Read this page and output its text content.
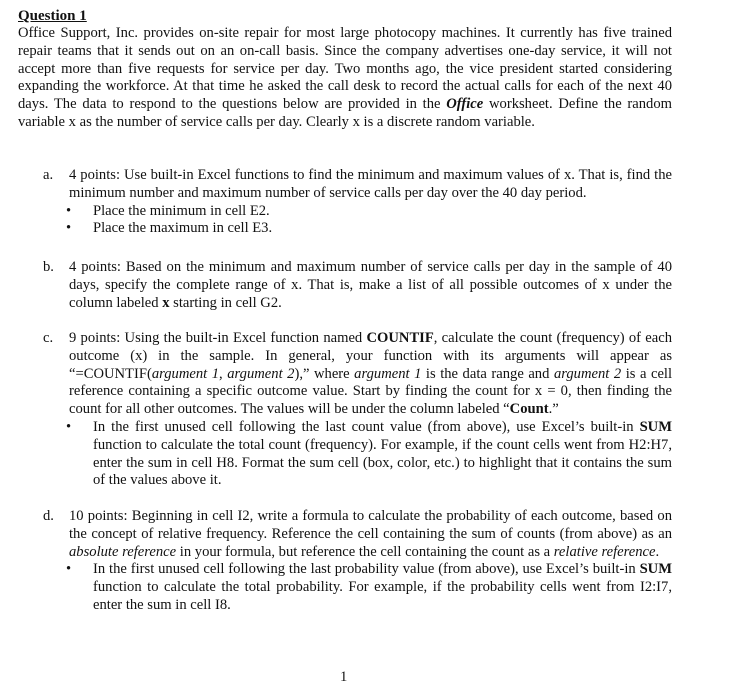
Question 1
Office Support, Inc. provides on-site repair for most large photocopy machines. It currently has five trained repair teams that it sends out on an on-call basis. Since the company advertises one-day service, it will not accept more than five requests for service per day. Two months ago, the vice president started considering expanding the workforce. At that time he asked the call desk to record the actual calls for each of the next 40 days. The data to respond to the questions below are provided in the Office worksheet. Define the random variable x as the number of service calls per day. Clearly x is a discrete random variable.
a.	4 points: Use built-in Excel functions to find the minimum and maximum values of x. That is, find the minimum number and maximum number of service calls per day over the 40 day period.
• Place the minimum in cell E2.
• Place the maximum in cell E3.
b.	4 points: Based on the minimum and maximum number of service calls per day in the sample of 40 days, specify the complete range of x. That is, make a list of all possible outcomes of x under the column labeled x starting in cell G2.
c.	9 points: Using the built-in Excel function named COUNTIF, calculate the count (frequency) of each outcome (x) in the sample. In general, your function with its arguments will appear as “=COUNTIF(argument 1, argument 2),” where argument 1 is the data range and argument 2 is a cell reference containing a specific outcome value. Start by finding the count for x = 0, then finding the count for all other outcomes. The values will be under the column labeled “Count.”
• In the first unused cell following the last count value (from above), use Excel’s built-in SUM function to calculate the total count (frequency). For example, if the count cells went from H2:H7, enter the sum in cell H8. Format the sum cell (box, color, etc.) to highlight that it contains the sum of the values above it.
d.	10 points: Beginning in cell I2, write a formula to calculate the probability of each outcome, based on the concept of relative frequency. Reference the cell containing the sum of counts (from above) as an absolute reference in your formula, but reference the cell containing the count as a relative reference.
• In the first unused cell following the last probability value (from above), use Excel’s built-in SUM function to calculate the total probability. For example, if the probability cells went from I2:I7, enter the sum in cell I8.
1
